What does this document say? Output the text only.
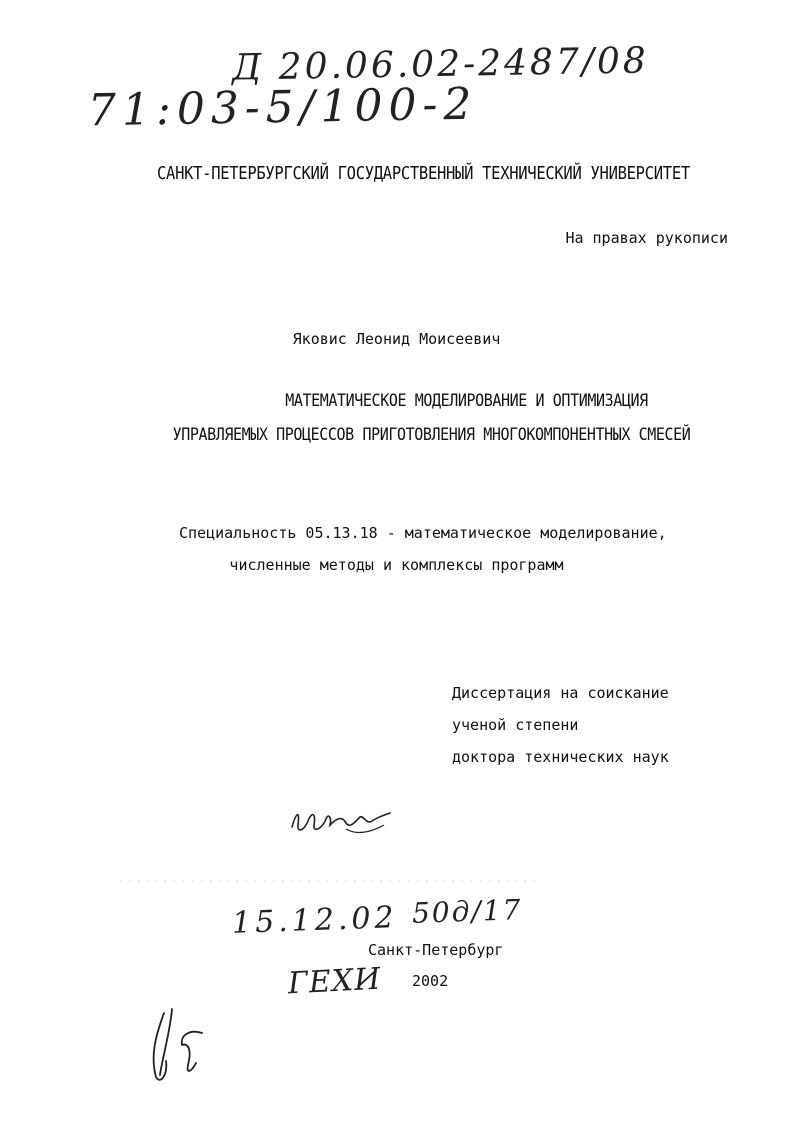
Д 20.06.02-2487/08
71:03-5/100-2
САНКТ-ПЕТЕРБУРГСКИЙ ГОСУДАРСТВЕННЫЙ ТЕХНИЧЕСКИЙ УНИВЕРСИТЕТ
На правах рукописи
Яковис Леонид Моисеевич
МАТЕМАТИЧЕСКОЕ МОДЕЛИРОВАНИЕ И ОПТИМИЗАЦИЯ
УПРАВЛЯЕМЫХ ПРОЦЕССОВ ПРИГОТОВЛЕНИЯ МНОГОКОМПОНЕНТНЫХ СМЕСЕЙ
Специальность 05.13.18 - математическое моделирование,
численные методы и комплексы программ
Диссертация на соискание
ученой степени
доктора технических наук
15.12.02 50д/17
Санкт-Петербург
ГЕХИ 2002
